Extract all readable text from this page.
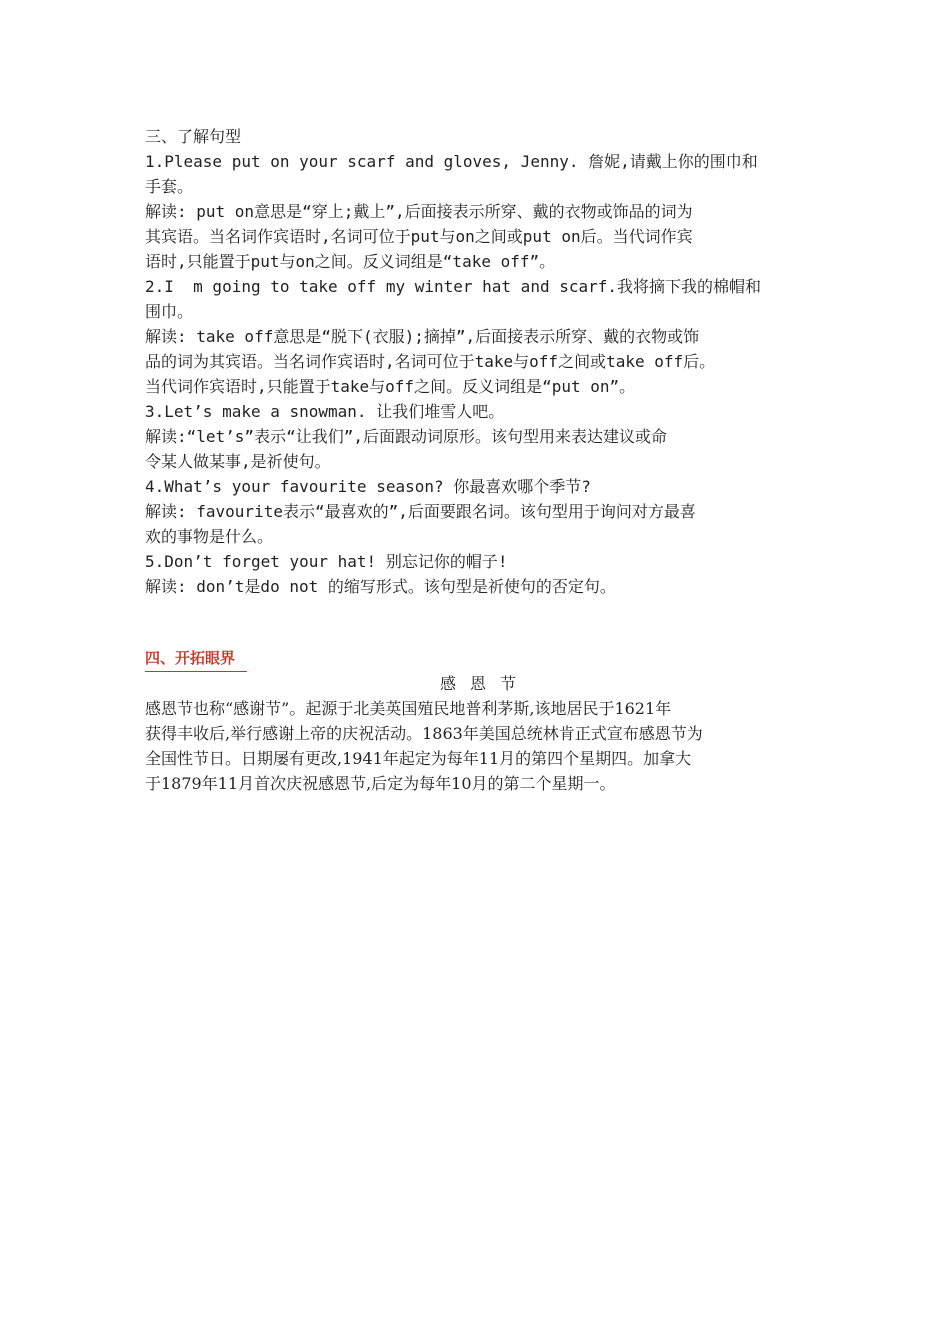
三、了解句型
1.Please put on your scarf and gloves, Jenny. 詹妮,请戴上你的围巾和
手套。
解读: put on意思是“穿上;戴上”,后面接表示所穿、戴的衣物或饰品的词为
其宾语。当名词作宾语时,名词可位于put与on之间或put on后。当代词作宾
语时,只能置于put与on之间。反义词组是“take off”。
2.I  m going to take off my winter hat and scarf.我将摘下我的棉帽和
围巾。
解读: take off意思是“脱下(衣服);摘掉”,后面接表示所穿、戴的衣物或饰
品的词为其宾语。当名词作宾语时,名词可位于take与off之间或take off后。
当代词作宾语时,只能置于take与off之间。反义词组是“put on”。
3.Let’s make a snowman. 让我们堆雪人吧。
解读:“let’s”表示“让我们”,后面跟动词原形。该句型用来表达建议或命
令某人做某事,是祈使句。
4.What’s your favourite season? 你最喜欢哪个季节?
解读: favourite表示“最喜欢的”,后面要跟名词。该句型用于询问对方最喜
欢的事物是什么。
5.Don’t forget your hat! 别忘记你的帽子!
解读: don’t是do not 的缩写形式。该句型是祈使句的否定句。
四、开拓眼界
感恩节
感恩节也称“感谢节”。起源于北美英国殖民地普利茅斯,该地居民于1621年
获得丰收后,举行感谢上帝的庆祝活动。1863年美国总统林肯正式宣布感恩节为
全国性节日。日期屡有更改,1941年起定为每年11月的第四个星期四。加拿大
于1879年11月首次庆祝感恩节,后定为每年10月的第二个星期一。
